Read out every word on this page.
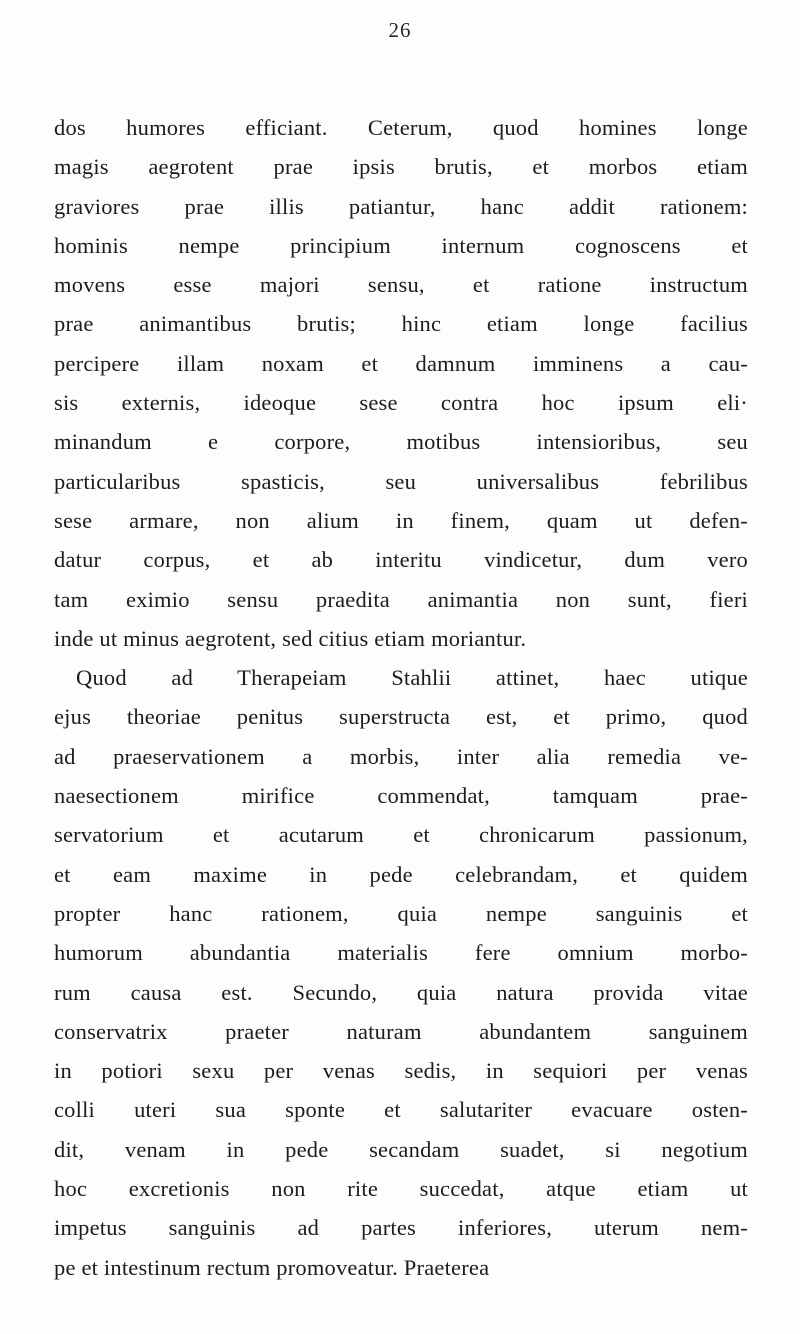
26
dos humores efficiant. Ceterum, quod homines longe
magis aegrotent prae ipsis brutis, et morbos etiam
graviores prae illis patiantur, hanc addit rationem:
hominis nempe principium internum cognoscens et
movens esse majori sensu, et ratione instructum
prae animantibus brutis; hinc etiam longe facilius
percipere illam noxam et damnum imminens a cau-
sis externis, ideoque sese contra hoc ipsum eli·
minandum e corpore, motibus intensioribus, seu
particularibus spasticis, seu universalibus febrilibus
sese armare, non alium in finem, quam ut defen-
datur corpus, et ab interitu vindicetur, dum vero
tam eximio sensu praedita animantia non sunt, fieri
inde ut minus aegrotent, sed citius etiam moriantur.
Quod ad Therapeiam Stahlii attinet, haec utique
ejus theoriae penitus superstructa est, et primo, quod
ad praeservationem a morbis, inter alia remedia ve-
naesectionem mirifice commendat, tamquam prae-
servatorium et acutarum et chronicarum passionum,
et eam maxime in pede celebrandam, et quidem
propter hanc rationem, quia nempe sanguinis et
humorum abundantia materialis fere omnium morbo-
rum causa est. Secundo, quia natura provida vitae
conservatrix praeter naturam abundantem sanguinem
in potiori sexu per venas sedis, in sequiori per venas
colli uteri sua sponte et salutariter evacuare osten-
dit, venam in pede secandam suadet, si negotium
hoc excretionis non rite succedat, atque etiam ut
impetus sanguinis ad partes inferiores, uterum nem-
pe et intestinum rectum promoveatur. Praeterea
